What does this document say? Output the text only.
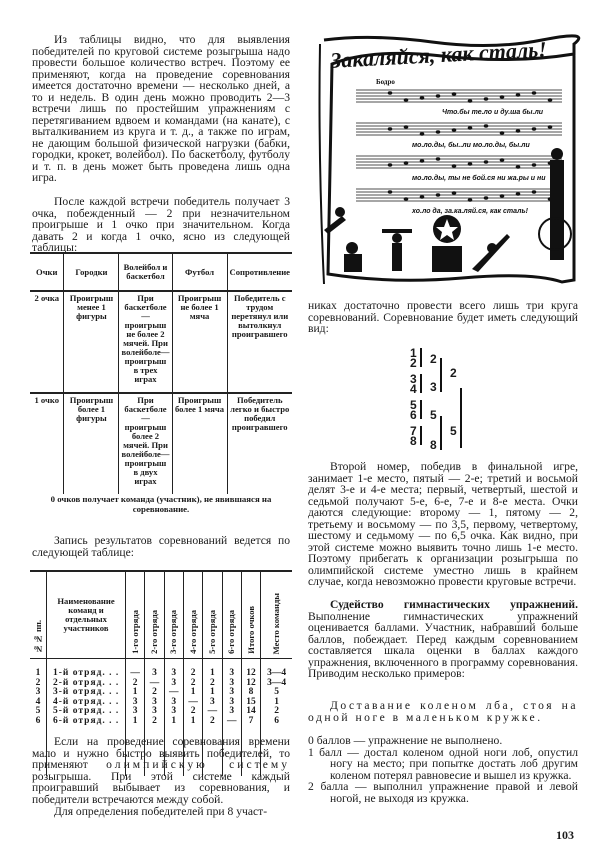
Из таблицы видно, что для выявления победителей по круговой системе розыгрыша надо провести большое количество встреч. Поэтому ее применяют, когда на проведение соревнования имеется достаточно времени — несколько дней, а то и недель. В один день можно проводить 2—3 встречи лишь по простейшим упражнениям с перетягиванием вдвоем и командами (на канате), с выталкиванием из круга и т. д., а также по играм, не дающим большой физической нагрузки (бабки, городки, крокет, волейбол). По баскетболу, футболу и т. п. в день может быть проведена лишь одна игра.

После каждой встречи победитель получает 3 очка, побежденный — 2 при незначительном проигрыше и 1 очко при значительном. Когда давать 2 и когда 1 очко, ясно из следующей таблицы:

Очки	Городки	Волейбол и баскетбол	Футбол	Сопротивление
2 очка	Проигрыш менее 1 фигуры	При баскетболе—проигрыш не более 2 мячей. При волейболе—проигрыш в трех играх	Проигрыш не более 1 мяча	Победитель с трудом перетянул или вытолкнул проигравшего
1 очко	Проигрыш более 1 фигуры	При баскетболе—проигрыш более 2 мячей. При волейболе—проигрыш в двух играх	Проигрыш более 1 мяча	Победитель легко и быстро победил проигравшего
0 очков получает команда (участник), не явившаяся на соревнование.

Запись результатов соревнований ведется по следующей таблице:

№№ пп.	Наименование команд и отдельных участников	1-го отряда	2-го отряда	3-го отряда	4-го отряда	5-го отряда	6-го отряда	Итого очков	Место команды
1	1-й отряд. . .	—	3	3	2	1	3	12	3—4
2	2-й отряд. . .	2	—	3	2	2	3	12	3—4
3	3-й отряд. . .	1	2	—	1	1	3	8	5
4	4-й отряд. . .	3	3	3	—	3	3	15	1
5	5-й отряд. . .	3	3	3	2	—	3	14	2
6	6-й отряд. . .	1	2	1	1	2	—	7	6

Если на проведение соревнования времени мало и нужно быстро выявить победителей, то применяют олимпийскую систему розыгрыша. При этой системе каждый проигравший выбывает из соревнования, и победители встречаются между собой.

Для определения победителей при 8 участ-

Закаляйся, как сталь!
Бодро
Что.бы те.ло и ду.ша бы.ли
мо.ло.ды, бы..ли мо.ло.ды, бы.ли
мо.ло.ды, ты не бой.ся ни жа.ры и ни
хо.ло да, за.ка.ляй.ся, как сталь!

никах достаточно провести всего лишь три круга соревнований. Соревнование будет иметь следующий вид:

1
2
3
4
5
6
7
8
2
3
5
8
2
5

Второй номер, победив в финальной игре, занимает 1-е место, пятый — 2-е; третий и восьмой делят 3-е и 4-е места; первый, четвертый, шестой и седьмой получают 5-е, 6-е, 7-е и 8-е места. Очки даются следующие: второму — 1, пятому — 2, третьему и восьмому — по 3,5, первому, четвертому, шестому и седьмому — по 6,5 очка. Как видно, при этой системе можно выявить точно лишь 1-е место. Поэтому прибегать к организации розыгрыша по олимпийской системе уместно лишь в крайнем случае, когда невозможно провести круговые встречи.

Судейство гимнастических упражнений. Выполнение гимнастических упражнений оценивается баллами. Участник, набравший больше баллов, побеждает. Перед каждым соревнованием составляется шкала оценки в баллах каждого упражнения, включенного в программу соревнования. Приводим несколько примеров:

Доставание коленом лба, стоя на одной ноге в маленьком кружке.

0 баллов — упражнение не выполнено.
1 балл — достал коленом одной ноги лоб, опустил ногу на место; при попытке достать лоб другим коленом потерял равновесие и вышел из кружка.
2 балла — выполнил упражнение правой и левой ногой, не выходя из кружка.
103
